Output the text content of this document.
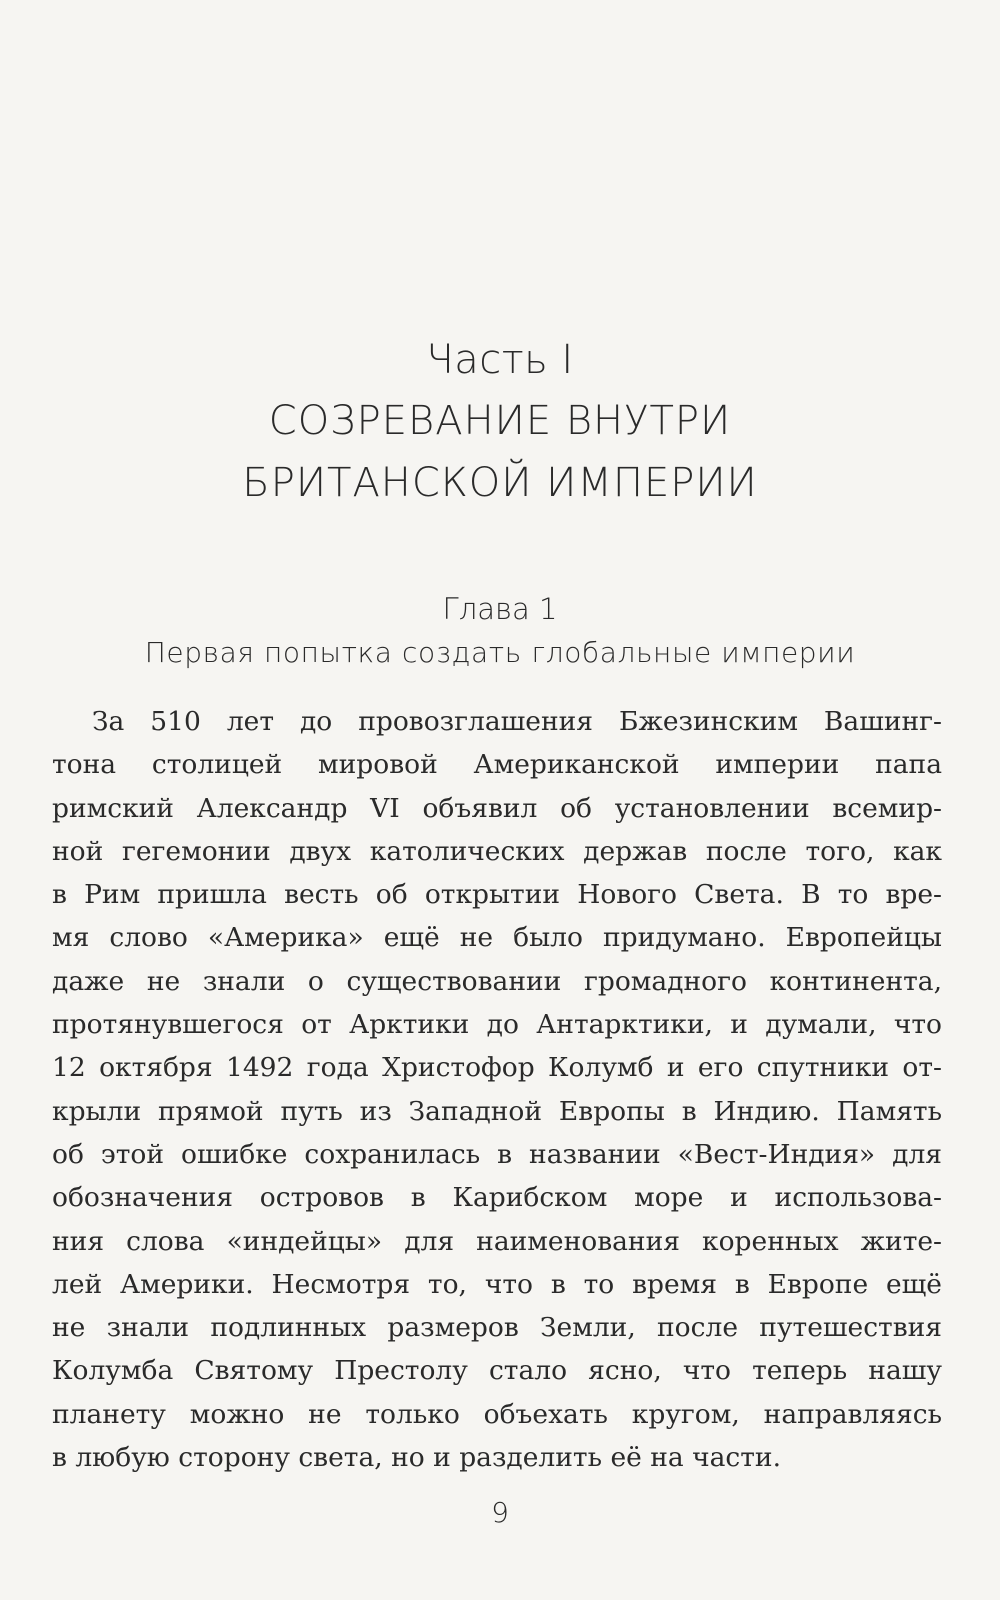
Часть I
СОЗРЕВАНИЕ ВНУТРИ
БРИТАНСКОЙ ИМПЕРИИ
Глава 1
Первая попытка создать глобальные империи
За 510 лет до провозглашения Бжезинским Вашинг-
тона столицей мировой Американской империи папа
римский Александр VI объявил об установлении всемир-
ной гегемонии двух католических держав после того, как
в Рим пришла весть об открытии Нового Света. В то вре-
мя слово «Америка» ещё не было придумано. Европейцы
даже не знали о существовании громадного континента,
протянувшегося от Арктики до Антарктики, и думали, что
12 октября 1492 года Христофор Колумб и его спутники от-
крыли прямой путь из Западной Европы в Индию. Память
об этой ошибке сохранилась в названии «Вест-Индия» для
обозначения островов в Карибском море и использова-
ния слова «индейцы» для наименования коренных жите-
лей Америки. Несмотря то, что в то время в Европе ещё
не знали подлинных размеров Земли, после путешествия
Колумба Святому Престолу стало ясно, что теперь нашу
планету можно не только объехать кругом, направляясь
в любую сторону света, но и разделить её на части.
9
